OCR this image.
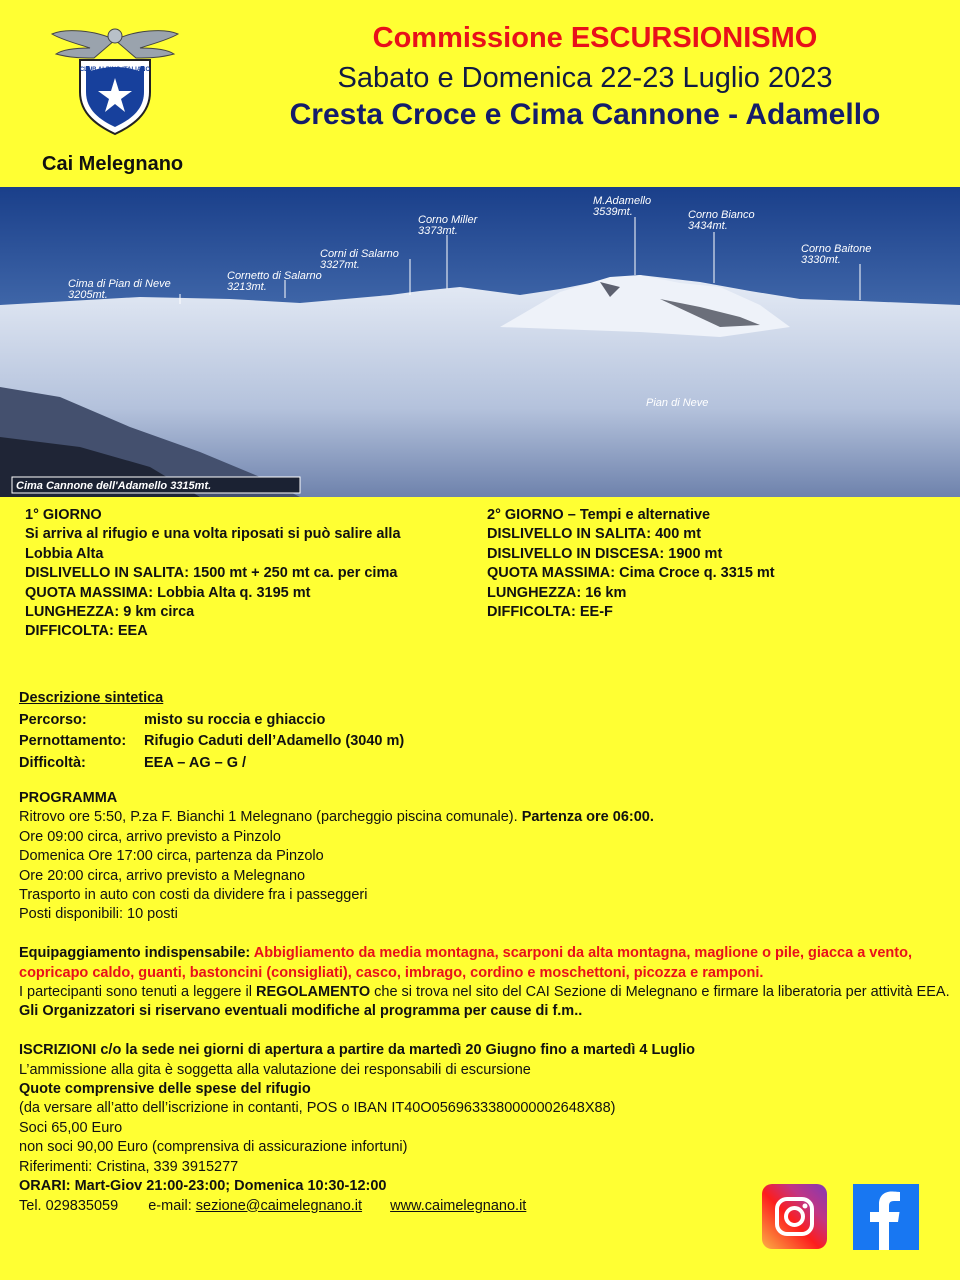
CLUB ALPINO ITALIANO
Cai Melegnano
Commissione ESCURSIONISMO
Sabato e Domenica 22-23 Luglio 2023
Cresta Croce e Cima Cannone - Adamello
Cima di Pian di Neve
3205mt.
Cornetto di Salarno
3213mt.
Corni di Salarno
3327mt.
Corno Miller
3373mt.
M.Adamello
3539mt.	Corno Bianco
3434mt.
Corno Baitone
3330mt.
Pian di Neve
Cima Cannone dell'Adamello 3315mt.
1° GIORNO
Si arriva al rifugio e una volta riposati si può salire alla
Lobbia Alta
DISLIVELLO IN SALITA: 1500 mt + 250 mt ca. per cima
QUOTA MASSIMA: Lobbia Alta q. 3195 mt
LUNGHEZZA: 9 km circa
DIFFICOLTA: EEA
2° GIORNO – Tempi e alternative
DISLIVELLO IN SALITA: 400 mt
DISLIVELLO IN DISCESA: 1900 mt
QUOTA MASSIMA: Cima Croce q. 3315 mt
LUNGHEZZA: 16 km
DIFFICOLTA: EE-F
Descrizione sintetica
Percorso:	misto su roccia e ghiaccio
Pernottamento:	Rifugio Caduti dell’Adamello (3040 m)
Difficoltà:	EEA – AG – G /

PROGRAMMA

Ritrovo ore 5:50, P.za F. Bianchi 1 Melegnano (parcheggio piscina comunale). Partenza ore 06:00.

Ore 09:00 circa, arrivo previsto a Pinzolo

Domenica Ore 17:00 circa, partenza da Pinzolo

Ore 20:00 circa, arrivo previsto a Melegnano

Trasporto in auto con costi da dividere fra i passeggeri

Posti disponibili: 10 posti

Equipaggiamento indispensabile: Abbigliamento da media montagna, scarponi da alta montagna, maglione o pile, giacca a vento, copricapo caldo, guanti, bastoncini (consigliati), casco, imbrago, cordino e moschettoni, picozza e ramponi.

I partecipanti sono tenuti a leggere il REGOLAMENTO che si trova nel sito del CAI Sezione di Melegnano e firmare la liberatoria per attività EEA.

Gli Organizzatori si riservano eventuali modifiche al programma per cause di f.m..

ISCRIZIONI c/o la sede nei giorni di apertura a partire da martedì 20 Giugno fino a martedì 4 Luglio

L’ammissione alla gita è soggetta alla valutazione dei responsabili di escursione

Quote comprensive delle spese del rifugio

(da versare all’atto dell’iscrizione in contanti, POS o IBAN IT40O0569633380000002648X88)

Soci 65,00 Euro

non soci 90,00 Euro (comprensiva di assicurazione infortuni)

Riferimenti: Cristina, 339 3915277

ORARI: Mart-Giov 21:00-23:00; Domenica 10:30-12:00

Tel. 029835059 e-mail: sezione@caimelegnano.it www.caimelegnano.it
